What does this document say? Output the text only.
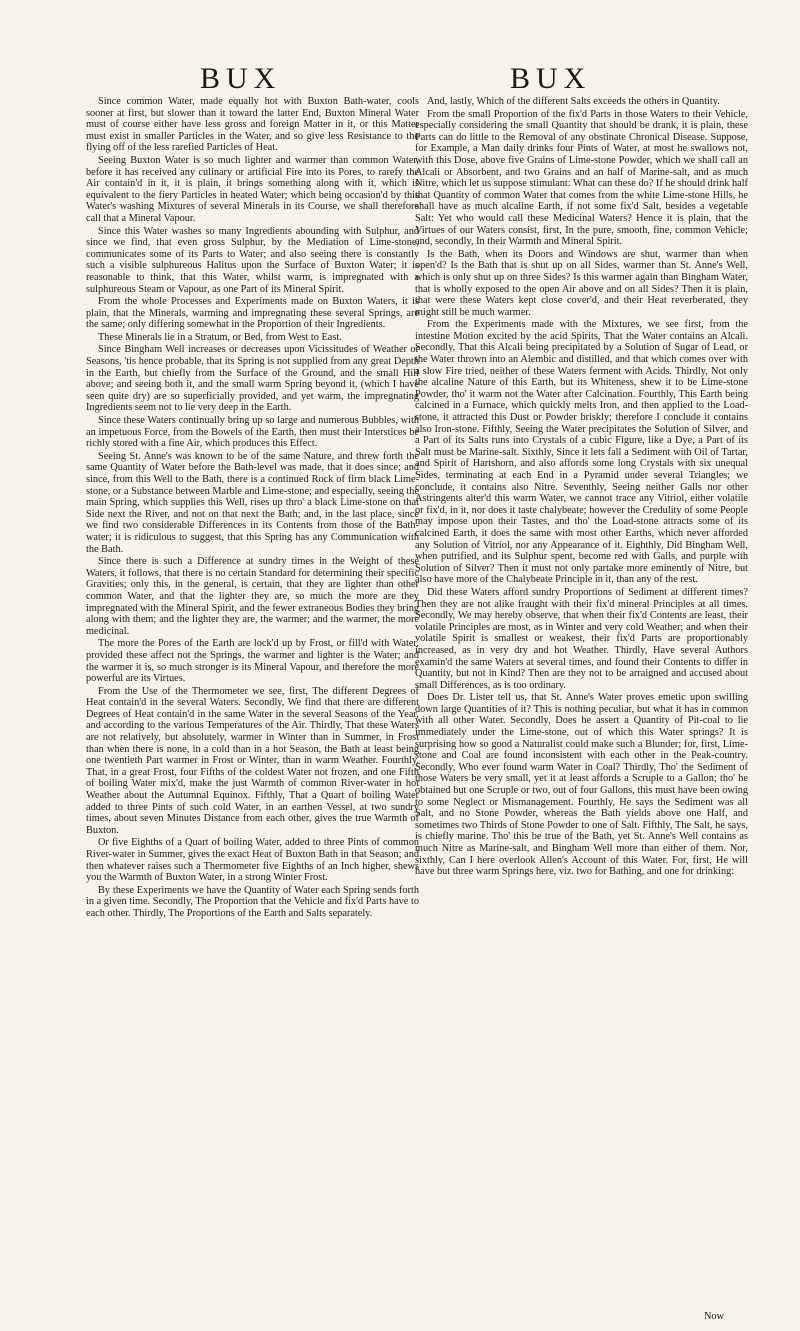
BUX	BUX

Since common Water, made equally hot with Buxton Bath-water, cools sooner at first, but slower than it toward the latter End, Buxton Mineral Water must of course either have less gross and foreign Matter in it, or this Matter must exist in smaller Particles in the Water, and so give less Resistance to the flying off of the less rarefied Particles of Heat.

Seeing Buxton Water is so much lighter and warmer than common Water, before it has received any culinary or artificial Fire into its Pores, to rarefy the Air contain'd in it, it is plain, it brings something along with it, which is equivalent to the fiery Particles in heated Water; which being occasion'd by this Water's washing Mixtures of several Minerals in its Course, we shall therefore call that a Mineral Vapour.

Since this Water washes so many Ingredients abounding with Sulphur, and since we find, that even gross Sulphur, by the Mediation of Lime-stone, communicates some of its Parts to Water; and also seeing there is constantly such a visible sulphureous Halitus upon the Surface of Buxton Water; it is reasonable to think, that this Water, whilst warm, is impregnated with a sulphureous Steam or Vapour, as one Part of its Mineral Spirit.

From the whole Processes and Experiments made on Buxton Waters, it is plain, that the Minerals, warming and impregnating these several Springs, are the same; only differing somewhat in the Proportion of their Ingredients.

These Minerals lie in a Stratum, or Bed, from West to East.

Since Bingham Well increases or decreases upon Vicissitudes of Weather or Seasons, 'tis hence probable, that its Spring is not supplied from any great Depth in the Earth, but chiefly from the Surface of the Ground, and the small Hill above; and seeing both it, and the small warm Spring beyond it, (which I have seen quite dry) are so superficially provided, and yet warm, the impregnating Ingredients seem not to lie very deep in the Earth.

Since these Waters continually bring up so large and numerous Bubbles, with an impetuous Force, from the Bowels of the Earth, then must their Interstices be richly stored with a fine Air, which produces this Effect.

Seeing St. Anne's was known to be of the same Nature, and threw forth the same Quantity of Water before the Bath-level was made, that it does since; and since, from this Well to the Bath, there is a continued Rock of firm black Lime-stone, or a Substance between Marble and Lime-stone; and especially, seeing the main Spring, which supplies this Well, rises up thro' a black Lime-stone on that Side next the River, and not on that next the Bath; and, in the last place, since we find two considerable Differences in its Contents from those of the Bath-water; it is ridiculous to suggest, that this Spring has any Communication with the Bath.

Since there is such a Difference at sundry times in the Weight of these Waters, it follows, that there is no certain Standard for determining their specific Gravities; only this, in the general, is certain, that they are lighter than other common Water, and that the lighter they are, so much the more are they impregnated with the Mineral Spirit, and the fewer extraneous Bodies they bring along with them; and the lighter they are, the warmer; and the warmer, the more medicinal.

The more the Pores of the Earth are lock'd up by Frost, or fill'd with Water, provided these affect not the Springs, the warmer and lighter is the Water; and the warmer it is, so much stronger is its Mineral Vapour, and therefore the more powerful are its Virtues.

From the Use of the Thermometer we see, first, The different Degrees of Heat contain'd in the several Waters. Secondly, We find that there are different Degrees of Heat contain'd in the same Water in the several Seasons of the Year, and according to the various Temperatures of the Air. Thirdly, That these Waters are not relatively, but absolutely, warmer in Winter than in Summer, in Frost than when there is none, in a cold than in a hot Season, the Bath at least being one twentieth Part warmer in Frost or Winter, than in warm Weather. Fourthly, That, in a great Frost, four Fifths of the coldest Water not frozen, and one Fifth of boiling Water mix'd, make the just Warmth of common River-water in hot Weather about the Autumnal Equinox. Fifthly, That a Quart of boiling Water added to three Pints of such cold Water, in an earthen Vessel, at two sundry times, about seven Minutes Distance from each other, gives the true Warmth of Buxton.

Or five Eighths of a Quart of boiling Water, added to three Pints of common River-water in Summer, gives the exact Heat of Buxton Bath in that Season; and then whatever raises such a Thermometer five Eighths of an Inch higher, shews you the Warmth of Buxton Water, in a strong Winter Frost.

By these Experiments we have the Quantity of Water each Spring sends forth in a given time. Secondly, The Proportion that the Vehicle and fix'd Parts have to each other. Thirdly, The Proportions of the Earth and Salts separately.

And, lastly, Which of the different Salts exceeds the others in Quantity.

From the small Proportion of the fix'd Parts in those Waters to their Vehicle, especially considering the small Quantity that should be drank, it is plain, these Parts can do little to the Removal of any obstinate Chronical Disease. Suppose, for Example, a Man daily drinks four Pints of Water, at most he swallows not, with this Dose, above five Grains of Lime-stone Powder, which we shall call an Alcali or Absorbent, and two Grains and an half of Marine-salt, and as much Nitre, which let us suppose stimulant: What can these do? If he should drink half that Quantity of common Water that comes from the white Lime-stone Hills, he shall have as much alcaline Earth, if not some fix'd Salt, besides a vegetable Salt: Yet who would call these Medicinal Waters? Hence it is plain, that the Virtues of our Waters consist, first, In the pure, smooth, fine, common Vehicle; and, secondly, In their Warmth and Mineral Spirit.

Is the Bath, when its Doors and Windows are shut, warmer than when open'd? Is the Bath that is shut up on all Sides, warmer than St. Anne's Well, which is only shut up on three Sides? Is this warmer again than Bingham Water, that is wholly exposed to the open Air above and on all Sides? Then it is plain, that were these Waters kept close cover'd, and their Heat reverberated, they might still be much warmer.

From the Experiments made with the Mixtures, we see first, from the intestine Motion excited by the acid Spirits, That the Water contains an Alcali. Secondly, That this Alcali being precipitated by a Solution of Sugar of Lead, or the Water thrown into an Alembic and distilled, and that which comes over with a slow Fire tried, neither of these Waters ferment with Acids. Thirdly, Not only the alcaline Nature of this Earth, but its Whiteness, shew it to be Lime-stone Powder, tho' it warm not the Water after Calcination. Fourthly, This Earth being calcined in a Furnace, which quickly melts Iron, and then applied to the Load-stone, it attracted this Dust or Powder briskly; therefore I conclude it contains also Iron-stone. Fifthly, Seeing the Water precipitates the Solution of Silver, and a Part of its Salts runs into Crystals of a cubic Figure, like a Dye, a Part of its Salt must be Marine-salt. Sixthly, Since it lets fall a Sediment with Oil of Tartar, and Spirit of Hartshorn, and also affords some long Crystals with six unequal Sides, terminating at each End in a Pyramid under several Triangles; we conclude, it contains also Nitre. Seventhly, Seeing neither Galls nor other Astringents alter'd this warm Water, we cannot trace any Vitriol, either volatile or fix'd, in it, nor does it taste chalybeate; however the Credulity of some People may impose upon their Tastes, and tho' the Load-stone attracts some of its calcined Earth, it does the same with most other Earths, which never afforded any Solution of Vitriol, nor any Appearance of it. Eighthly, Did Bingham Well, when putrified, and its Sulphur spent, become red with Galls, and purple with Solution of Silver? Then it must not only partake more eminently of Nitre, but also have more of the Chalybeate Principle in it, than any of the rest.

Did these Waters afford sundry Proportions of Sediment at different times? Then they are not alike fraught with their fix'd mineral Principles at all times. Secondly, We may hereby observe, that when their fix'd Contents are least, their volatile Principles are most, as in Winter and very cold Weather; and when their volatile Spirit is smallest or weakest, their fix'd Parts are proportionably increased, as in very dry and hot Weather. Thirdly, Have several Authors examin'd the same Waters at several times, and found their Contents to differ in Quantity, but not in Kind? Then are they not to be arraigned and accused about small Differences, as is too ordinary.

Does Dr. Lister tell us, that St. Anne's Water proves emetic upon swilling down large Quantities of it? This is nothing peculiar, but what it has in common with all other Water. Secondly, Does he assert a Quantity of Pit-coal to lie immediately under the Lime-stone, out of which this Water springs? It is surprising how so good a Naturalist could make such a Blunder; for, first, Lime-stone and Coal are found inconsistent with each other in the Peak-country. Secondly, Who ever found warm Water in Coal? Thirdly, Tho' the Sediment of those Waters be very small, yet it at least affords a Scruple to a Gallon; tho' he obtained but one Scruple or two, out of four Gallons, this must have been owing to some Neglect or Mismanagement. Fourthly, He says the Sediment was all Salt, and no Stone Powder, whereas the Bath yields above one Half, and sometimes two Thirds of Stone Powder to one of Salt. Fifthly, The Salt, he says, is chiefly marine. Tho' this be true of the Bath, yet St. Anne's Well contains as much Nitre as Marine-salt, and Bingham Well more than either of them. Nor, sixthly, Can I here overlook Allen's Account of this Water. For, first, He will have but three warm Springs here, viz. two for Bathing, and one for drinking:

Now
